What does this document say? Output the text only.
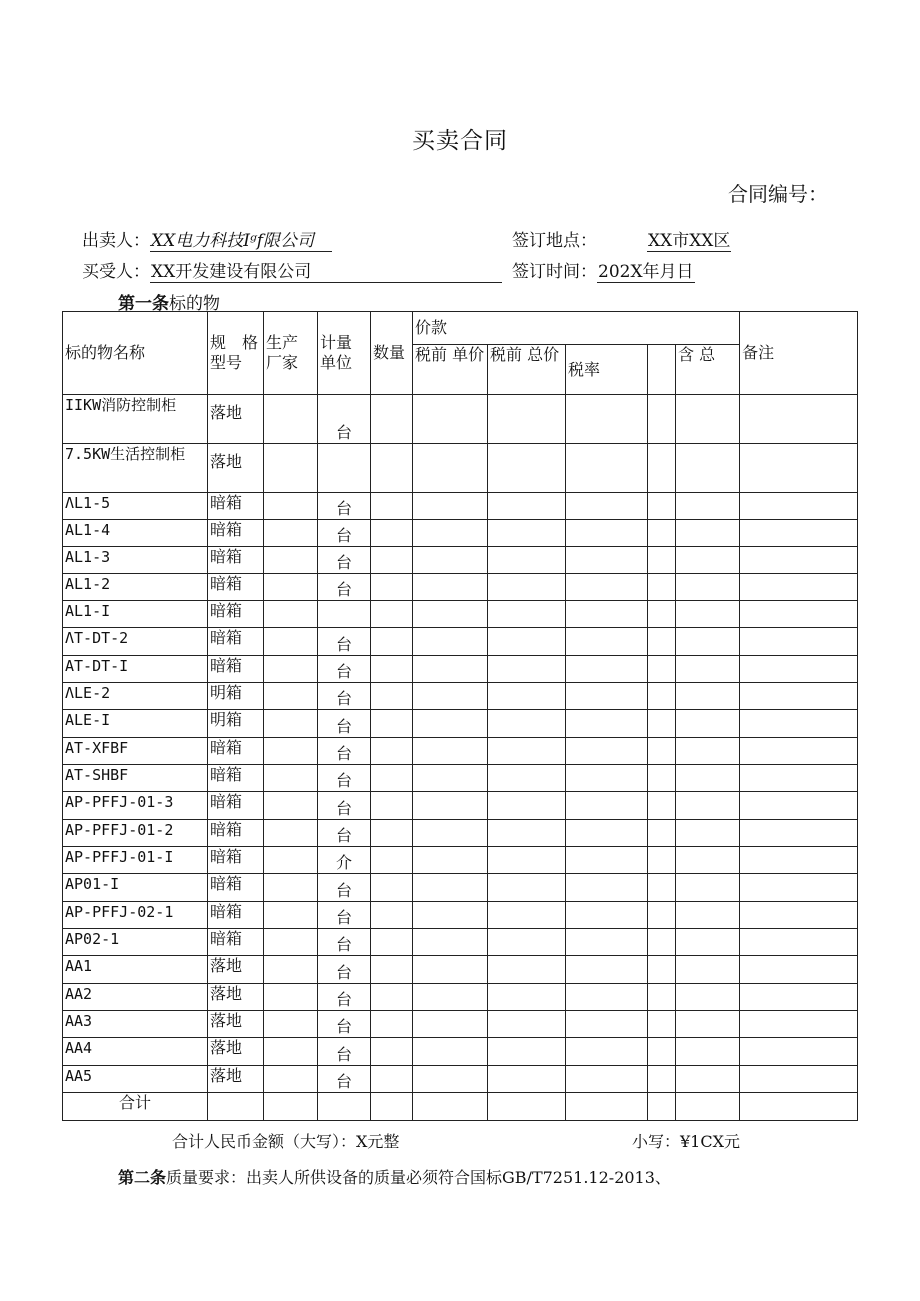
买卖合同
合同编号：
出卖人：XX电力科技Iᵍf限公司	签订地点：	XX市XX区
买受人：XX开发建设有限公司	签订时间：202X年月日
第一条标的物
标的物名称	规　格 型号	生产 厂家	计量 单位	数量	价款					备注
					税前 单价	税前 总价	税率		含 总	
IIKW消防控制柜	落地		台							
7.5KW生活控制柜	落地									
ΛL1-5	暗箱		台							
AL1-4	暗箱		台							
AL1-3	暗箱		台							
AL1-2	暗箱		台							
AL1-I	暗箱									
ΛT-DT-2	暗箱		台							
AT-DT-I	暗箱		台							
ΛLE-2	明箱		台							
ALE-I	明箱		台							
AT-XFBF	暗箱		台							
AT-SHBF	暗箱		台							
AP-PFFJ-01-3	暗箱		台							
AP-PFFJ-01-2	暗箱		台							
AP-PFFJ-01-I	暗箱		介							
AP01-I	暗箱		台							
AP-PFFJ-02-1	暗箱		台							
AP02-1	暗箱		台							
AA1	落地		台							
AA2	落地		台							
AA3	落地		台							
AA4	落地		台							
AA5	落地		台							
合计										
合计人民币金额（大写）：X元整	小写：¥1CX元
第二条质量要求：出卖人所供设备的质量必须符合国标GB/T7251.12-2013、
